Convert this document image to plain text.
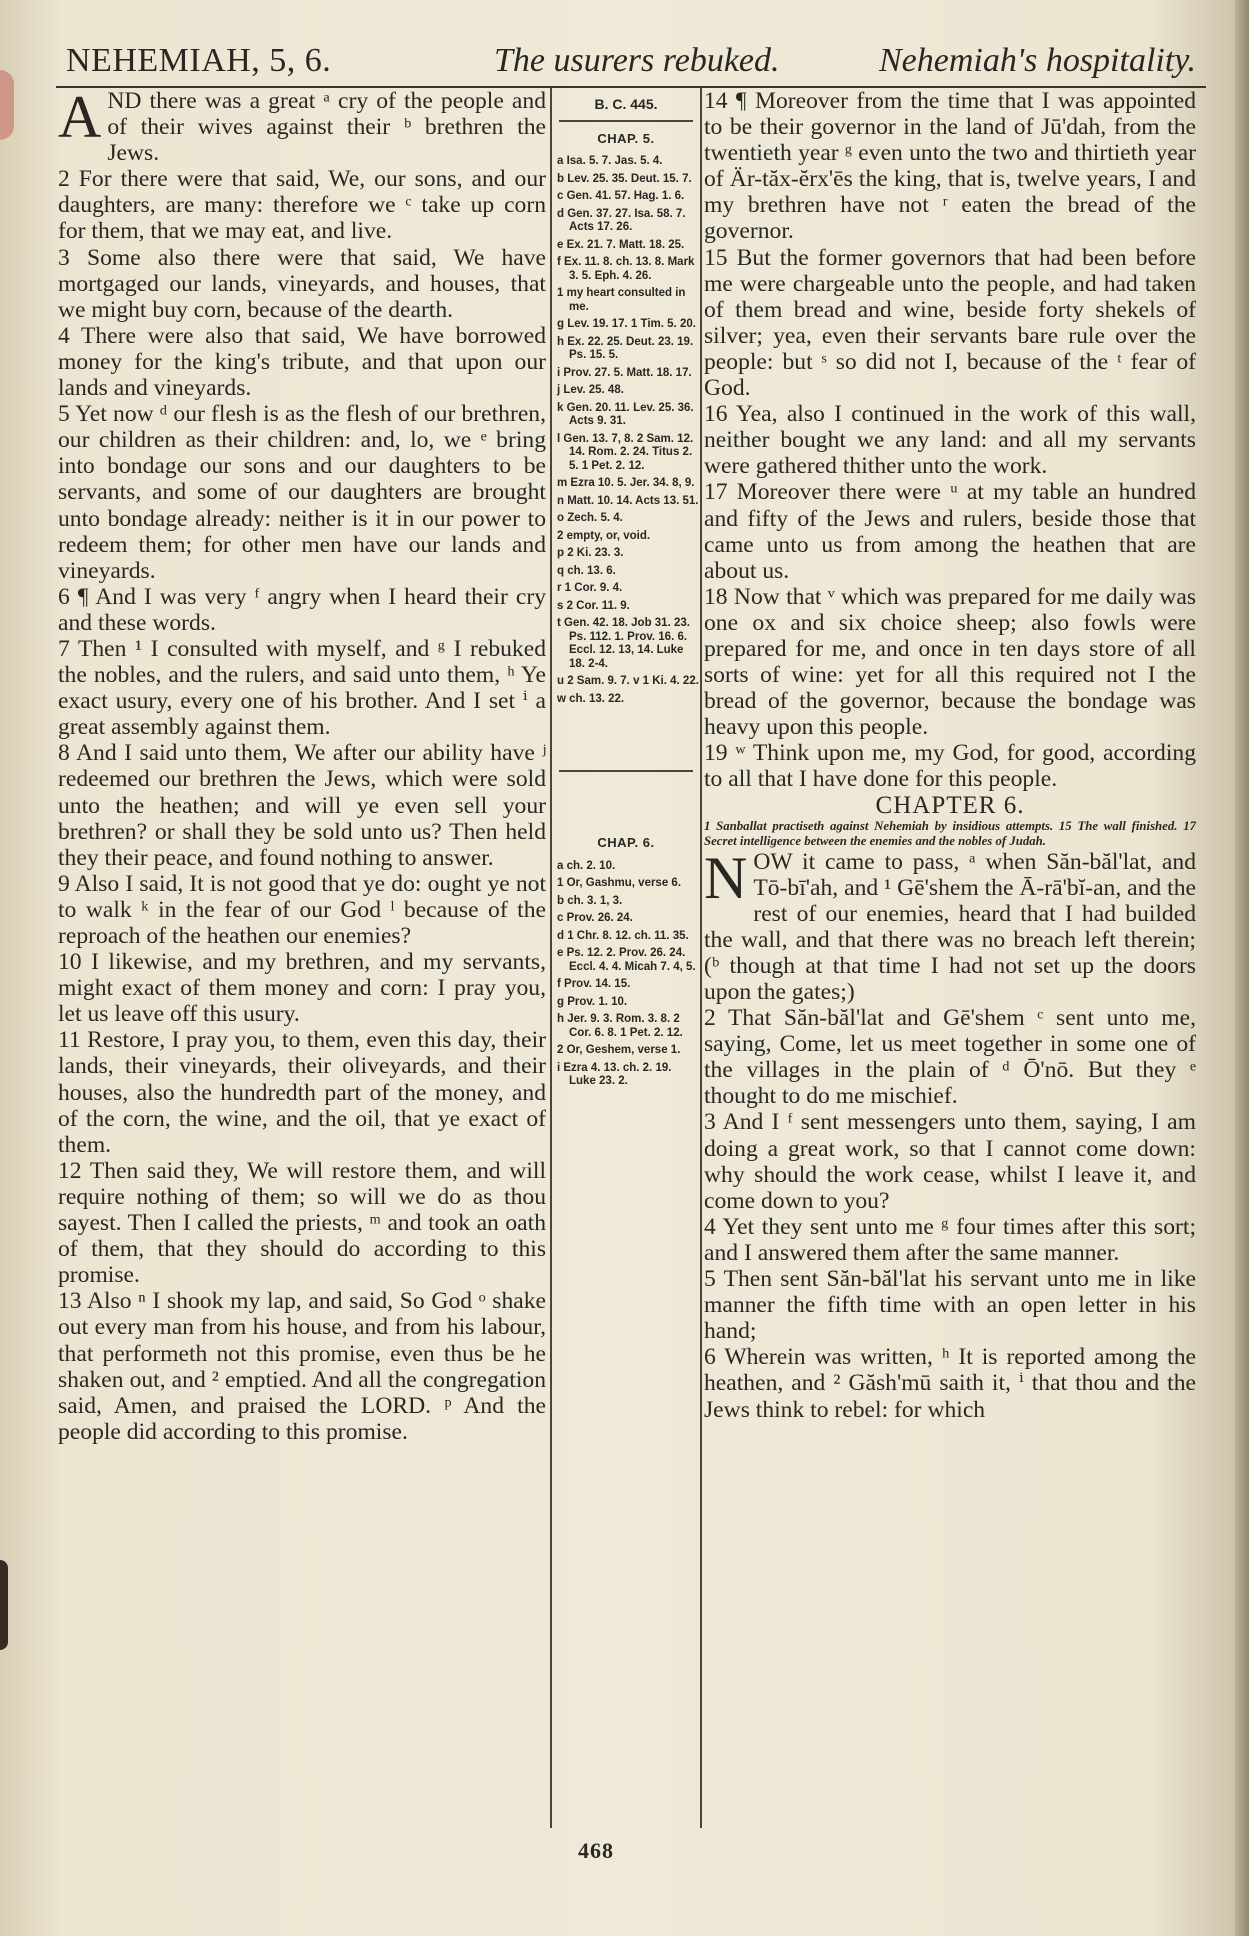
NEHEMIAH, 5, 6.	The usurers rebuked.	Nehemiah's hospitality.

AND there was a great ᵃ cry of the people and of their wives against their ᵇ brethren the Jews.

2 For there were that said, We, our sons, and our daughters, are many: therefore we ᶜ take up corn for them, that we may eat, and live.

3 Some also there were that said, We have mortgaged our lands, vineyards, and houses, that we might buy corn, because of the dearth.

4 There were also that said, We have borrowed money for the king's tribute, and that upon our lands and vineyards.

5 Yet now ᵈ our flesh is as the flesh of our brethren, our children as their children: and, lo, we ᵉ bring into bondage our sons and our daughters to be servants, and some of our daughters are brought unto bondage already: neither is it in our power to redeem them; for other men have our lands and vineyards.

6 ¶ And I was very ᶠ angry when I heard their cry and these words.

7 Then ¹ I consulted with myself, and ᵍ I rebuked the nobles, and the rulers, and said unto them, ʰ Ye exact usury, every one of his brother. And I set ⁱ a great assembly against them.

8 And I said unto them, We after our ability have ʲ redeemed our brethren the Jews, which were sold unto the heathen; and will ye even sell your brethren? or shall they be sold unto us? Then held they their peace, and found nothing to answer.

9 Also I said, It is not good that ye do: ought ye not to walk ᵏ in the fear of our God ˡ because of the reproach of the heathen our enemies?

10 I likewise, and my brethren, and my servants, might exact of them money and corn: I pray you, let us leave off this usury.

11 Restore, I pray you, to them, even this day, their lands, their vineyards, their oliveyards, and their houses, also the hundredth part of the money, and of the corn, the wine, and the oil, that ye exact of them.

12 Then said they, We will restore them, and will require nothing of them; so will we do as thou sayest. Then I called the priests, ᵐ and took an oath of them, that they should do according to this promise.

13 Also ⁿ I shook my lap, and said, So God ᵒ shake out every man from his house, and from his labour, that performeth not this promise, even thus be he shaken out, and ² emptied. And all the congregation said, Amen, and praised the LORD. ᵖ And the people did according to this promise.

B. C. 445.
CHAP. 5.
a Isa. 5. 7. Jas. 5. 4.
b Lev. 25. 35. Deut. 15. 7.
c Gen. 41. 57. Hag. 1. 6.
d Gen. 37. 27. Isa. 58. 7. Acts 17. 26.
e Ex. 21. 7. Matt. 18. 25.
f Ex. 11. 8. ch. 13. 8. Mark 3. 5. Eph. 4. 26.
1 my heart consulted in me.
g Lev. 19. 17. 1 Tim. 5. 20.
h Ex. 22. 25. Deut. 23. 19. Ps. 15. 5.
i Prov. 27. 5. Matt. 18. 17.
j Lev. 25. 48.
k Gen. 20. 11. Lev. 25. 36. Acts 9. 31.
l Gen. 13. 7, 8. 2 Sam. 12. 14. Rom. 2. 24. Titus 2. 5. 1 Pet. 2. 12.
m Ezra 10. 5. Jer. 34. 8, 9.
n Matt. 10. 14. Acts 13. 51.
o Zech. 5. 4.
2 empty, or, void.
p 2 Ki. 23. 3.
q ch. 13. 6.
r 1 Cor. 9. 4.
s 2 Cor. 11. 9.
t Gen. 42. 18. Job 31. 23. Ps. 112. 1. Prov. 16. 6. Eccl. 12. 13, 14. Luke 18. 2-4.
u 2 Sam. 9. 7. v 1 Ki. 4. 22.
w ch. 13. 22.
CHAP. 6.
a ch. 2. 10.
1 Or, Gashmu, verse 6.
b ch. 3. 1, 3.
c Prov. 26. 24.
d 1 Chr. 8. 12. ch. 11. 35.
e Ps. 12. 2. Prov. 26. 24. Eccl. 4. 4. Micah 7. 4, 5.
f Prov. 14. 15.
g Prov. 1. 10.
h Jer. 9. 3. Rom. 3. 8. 2 Cor. 6. 8. 1 Pet. 2. 12.
2 Or, Geshem, verse 1.
i Ezra 4. 13. ch. 2. 19. Luke 23. 2.

14 ¶ Moreover from the time that I was appointed to be their governor in the land of Jū'dah, from the twentieth year ᵍ even unto the two and thirtieth year of Är-tăx-ĕrx'ēs the king, that is, twelve years, I and my brethren have not ʳ eaten the bread of the governor.

15 But the former governors that had been before me were chargeable unto the people, and had taken of them bread and wine, beside forty shekels of silver; yea, even their servants bare rule over the people: but ˢ so did not I, because of the ᵗ fear of God.

16 Yea, also I continued in the work of this wall, neither bought we any land: and all my servants were gathered thither unto the work.

17 Moreover there were ᵘ at my table an hundred and fifty of the Jews and rulers, beside those that came unto us from among the heathen that are about us.

18 Now that ᵛ which was prepared for me daily was one ox and six choice sheep; also fowls were prepared for me, and once in ten days store of all sorts of wine: yet for all this required not I the bread of the governor, because the bondage was heavy upon this people.

19 ʷ Think upon me, my God, for good, according to all that I have done for this people.

CHAPTER 6.

1 Sanballat practiseth against Nehemiah by insidious attempts. 15 The wall finished. 17 Secret intelligence between the enemies and the nobles of Judah.

NOW it came to pass, ᵃ when Săn-băl'lat, and Tō-bī'ah, and ¹ Gē'shem the Ā-rā'bĭ-an, and the rest of our enemies, heard that I had builded the wall, and that there was no breach left therein; (ᵇ though at that time I had not set up the doors upon the gates;)

2 That Săn-băl'lat and Gē'shem ᶜ sent unto me, saying, Come, let us meet together in some one of the villages in the plain of ᵈ Ō'nō. But they ᵉ thought to do me mischief.

3 And I ᶠ sent messengers unto them, saying, I am doing a great work, so that I cannot come down: why should the work cease, whilst I leave it, and come down to you?

4 Yet they sent unto me ᵍ four times after this sort; and I answered them after the same manner.

5 Then sent Săn-băl'lat his servant unto me in like manner the fifth time with an open letter in his hand;

6 Wherein was written, ʰ It is reported among the heathen, and ² Găsh'mū saith it, ⁱ that thou and the Jews think to rebel: for which

468
